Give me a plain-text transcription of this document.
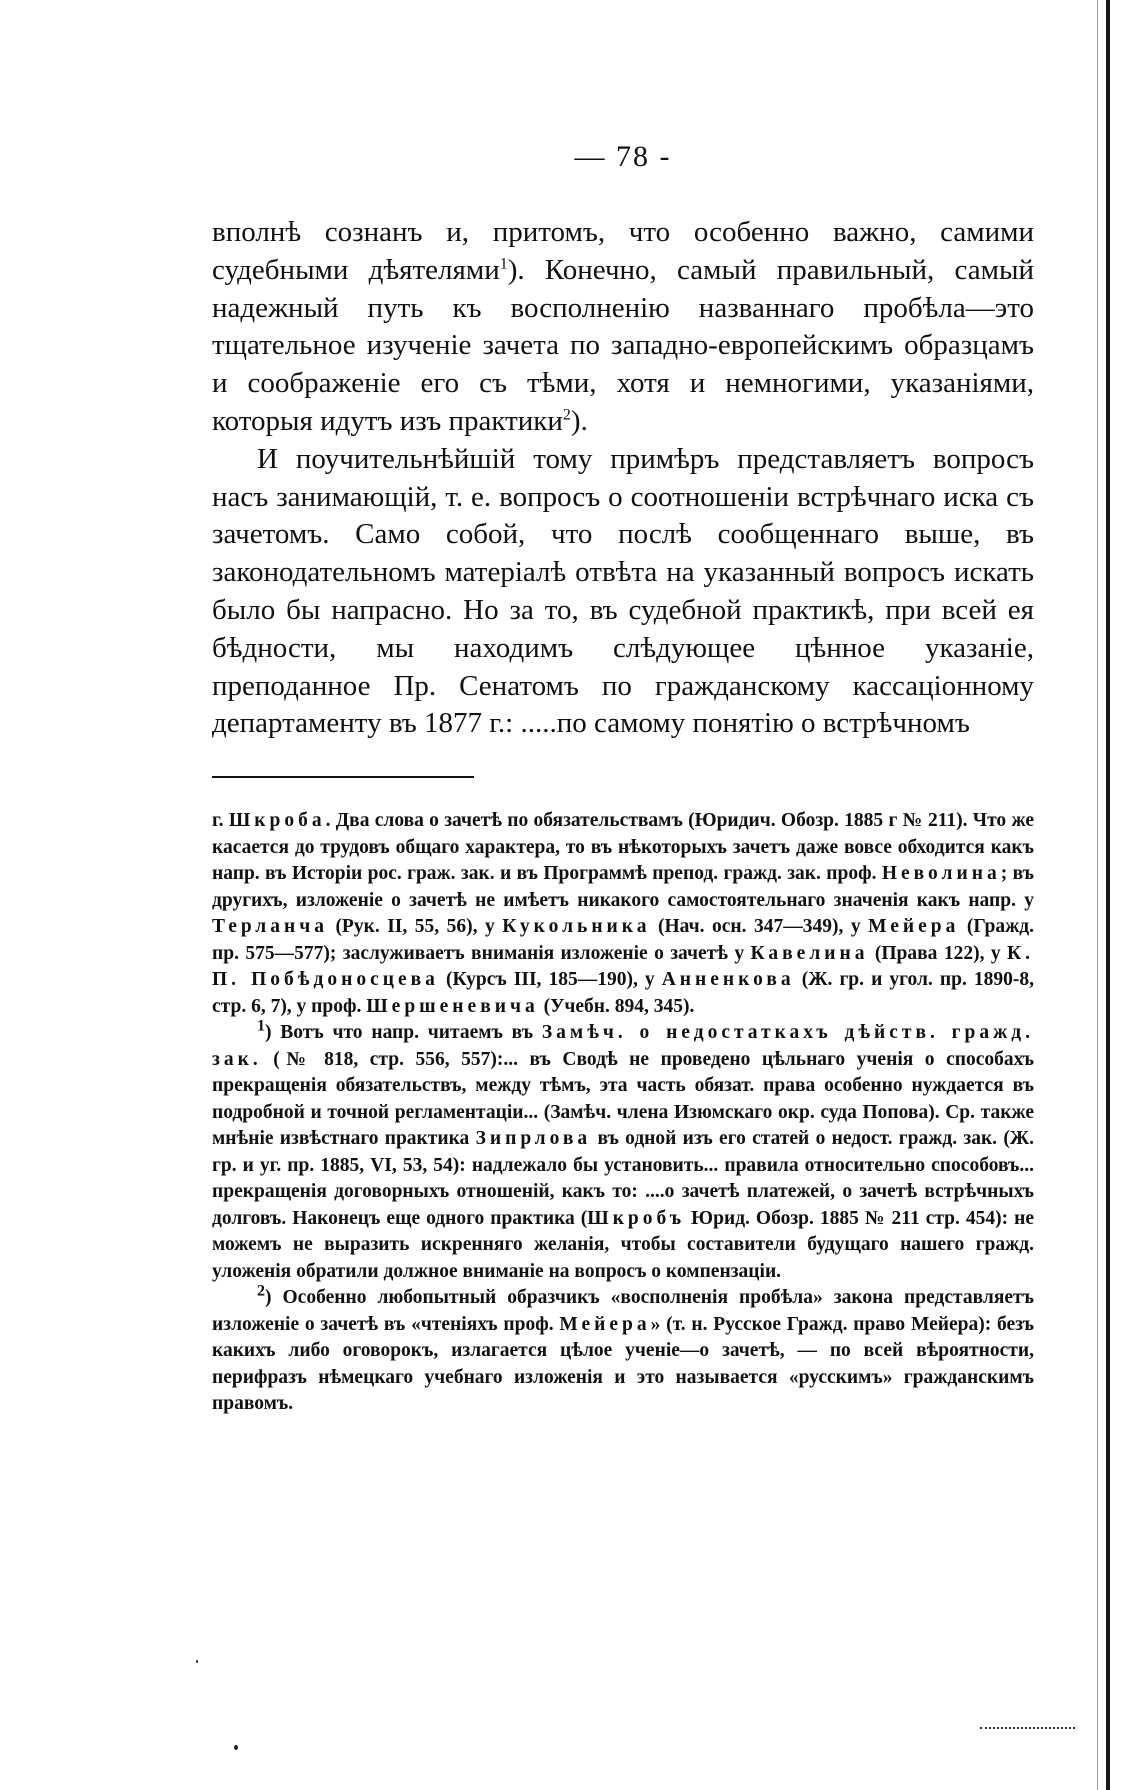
— 78 -

вполнѣ сознанъ и, притомъ, что особенно важно, самими судебными дѣятелями$^1$). Конечно, самый правильный, самый надежный путь къ восполненію названнаго пробѣла—это тщательное изученіе зачета по западно-европейскимъ образцамъ и соображеніе его съ тѣми, хотя и немногими, указаніями, которыя идутъ изъ практики$^2$).

И поучительнѣйшій тому примѣръ представляетъ вопросъ насъ занимающій, т. е. вопросъ о соотношеніи встрѣчнаго иска съ зачетомъ. Само собой, что послѣ сообщеннаго выше, въ законодательномъ матеріалѣ отвѣта на указанный вопросъ искать было бы напрасно. Но за то, въ судебной практикѣ, при всей ея бѣдности, мы находимъ слѣдующее цѣнное указаніе, преподанное Пр. Сенатомъ по гражданскому кассаціонному департаменту въ 1877 г.: .....по самому понятію о встрѣчномъ

г. Шкроба. Два слова о зачетѣ по обязательствамъ (Юридич. Обозр. 1885 г № 211). Что же касается до трудовъ общаго характера, то въ нѣкоторыхъ зачетъ даже вовсе обходится какъ напр. въ Исторіи рос. граж. зак. и въ Программѣ препод. гражд. зак. проф. Неволина; въ другихъ, изложеніе о зачетѣ не имѣетъ никакого самостоятельнаго значенія какъ напр. у Терланча (Рук. II, 55, 56), у Кукольника (Нач. осн. 347—349), у Мейера (Гражд. пр. 575—577); заслуживаетъ вниманія изложеніе о зачетѣ у Кавелина (Права 122), у К. П. Побѣдоносцева (Курсъ III, 185—190), у Анненкова (Ж. гр. и угол. пр. 1890-8, стр. 6, 7), у проф. Шершеневича (Учебн. 894, 345).

$^1$) Вотъ что напр. читаемъ въ Замѣч. о недостаткахъ дѣйств. гражд. зак. (№ 818, стр. 556, 557):... въ Сводѣ не проведено цѣльнаго ученія о способахъ прекращенія обязательствъ, между тѣмъ, эта часть обязат. права особенно нуждается въ подробной и точной регламентаціи... (Замѣч. члена Изюмскаго окр. суда Попова). Ср. также мнѣніе извѣстнаго практика Зипрлова въ одной изъ его статей о недост. гражд. зак. (Ж. гр. и уг. пр. 1885, VI, 53, 54): надлежало бы установить... правила относительно способовъ... прекращенія договорныхъ отношеній, какъ то: ....о зачетѣ платежей, о зачетѣ встрѣчныхъ долговъ. Наконецъ еще одного практика (Шкробъ Юрид. Обозр. 1885 № 211 стр. 454): не можемъ не выразить искренняго желанія, чтобы составители будущаго нашего гражд. уложенія обратили должное вниманіе на вопросъ о компензаціи.

$^2$) Особенно любопытный образчикъ «восполненія пробѣла» закона представляетъ изложеніе о зачетѣ въ «чтеніяхъ проф. Мейера» (т. н. Русское Гражд. право Мейера): безъ какихъ либо оговорокъ, излагается цѣлое ученіе—о зачетѣ, — по всей вѣроятности, перифразъ нѣмецкаго учебнаго изложенія и это называется «русскимъ» гражданскимъ правомъ.
